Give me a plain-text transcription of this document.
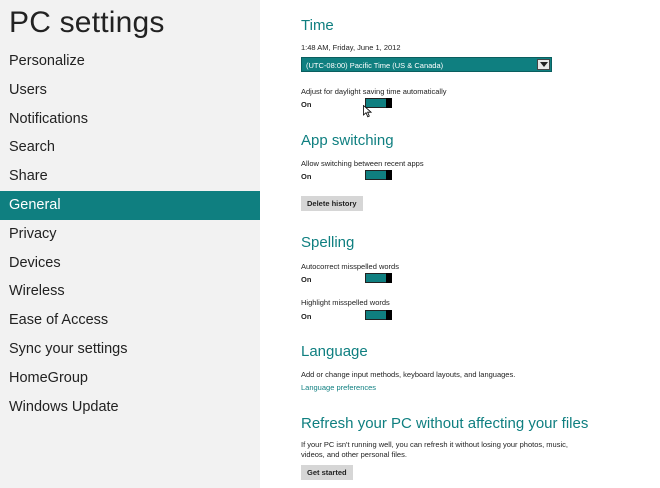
PC settings
Personalize
Users
Notifications
Search
Share
General
Privacy
Devices
Wireless
Ease of Access
Sync your settings
HomeGroup
Windows Update
Time
1:48 AM, Friday, June 1, 2012
(UTC-08:00) Pacific Time (US & Canada)
Adjust for daylight saving time automatically
On
App switching
Allow switching between recent apps
On
Delete history
Spelling
Autocorrect misspelled words
On
Highlight misspelled words
On
Language
Add or change input methods, keyboard layouts, and languages.
Language preferences
Refresh your PC without affecting your files
If your PC isn't running well, you can refresh it without losing your photos, music, videos, and other personal files.
Get started
